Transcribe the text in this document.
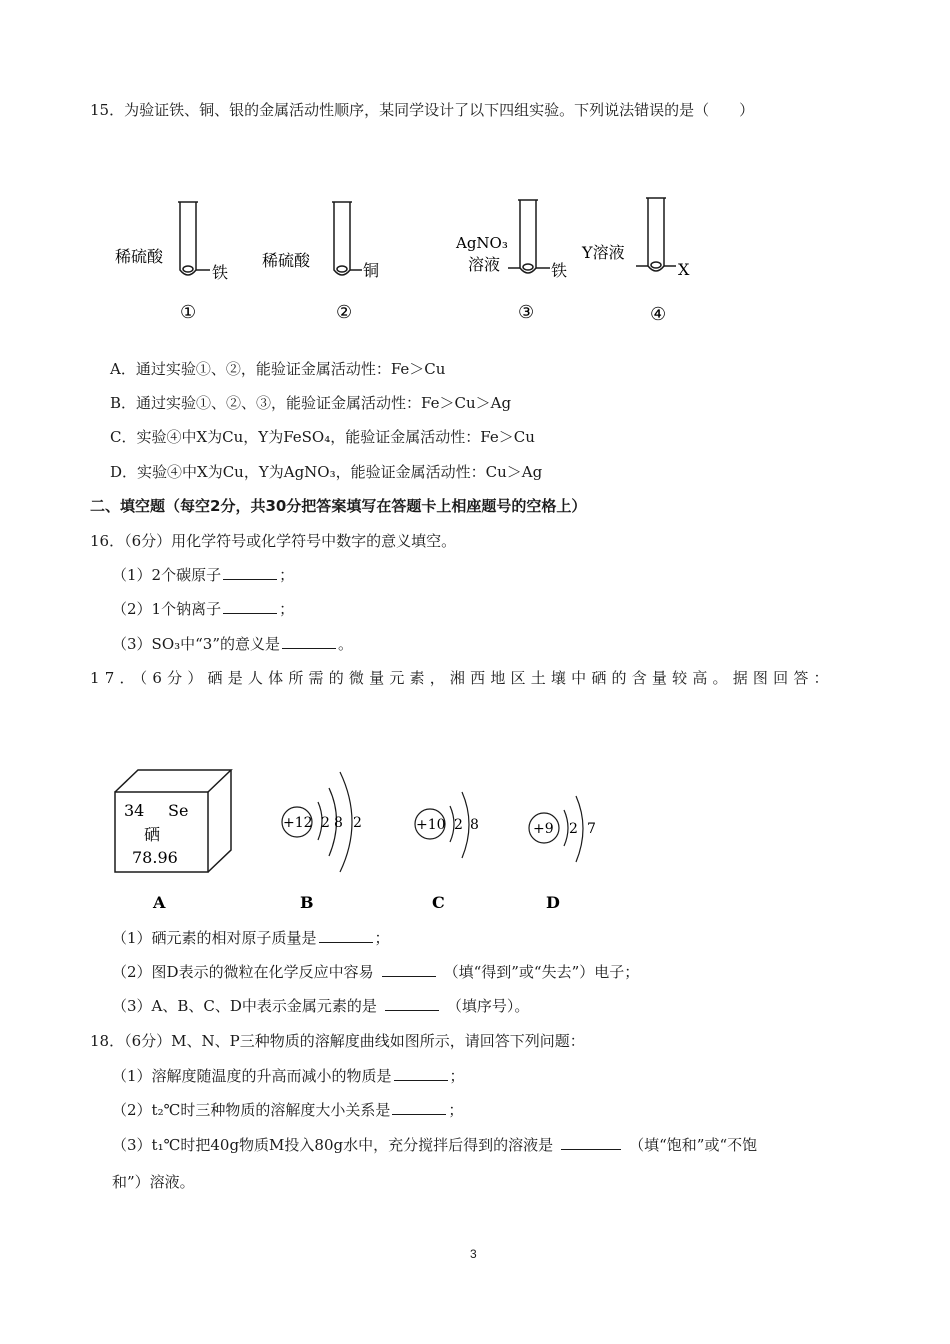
15．为验证铁、铜、银的金属活动性顺序，某同学设计了以下四组实验。下列说法错误的是（　　）
稀硫酸
铁
①
稀硫酸
铜
②
AgNO₃
溶液	铁
③
Y溶液
X
④
A．通过实验①、②，能验证金属活动性：Fe＞Cu
B．通过实验①、②、③，能验证金属活动性：Fe＞Cu＞Ag
C．实验④中X为Cu，Y为FeSO₄，能验证金属活动性：Fe＞Cu
D．实验④中X为Cu，Y为AgNO₃，能验证金属活动性：Cu＞Ag
二、填空题（每空2分，共30分把答案填写在答题卡上相座题号的空格上）
16．（6分）用化学符号或化学符号中数字的意义填空。
（1）2个碳原子	；
（2）1个钠离子	；
（3）SO₃中“3”的意义是	。
17．（6分）硒是人体所需的微量元素，湘西地区土壤中硒的含量较高。据图回答：
34 Se
硒
78.96
+12 2 8 2	+10 2 8	+9 2 7
A	B	C	D
（1）硒元素的相对原子质量是	；
（2）图D表示的微粒在化学反应中容易	（填“得到”或“失去”）电子；
（3）A、B、C、D中表示金属元素的是	（填序号）。
18．（6分）M、N、P三种物质的溶解度曲线如图所示，请回答下列问题：
（1）溶解度随温度的升高而减小的物质是	；
（2）t₂℃时三种物质的溶解度大小关系是	；
（3）t₁℃时把40g物质M投入80g水中，充分搅拌后得到的溶液是	（填“饱和”或“不饱
和”）溶液。
3
